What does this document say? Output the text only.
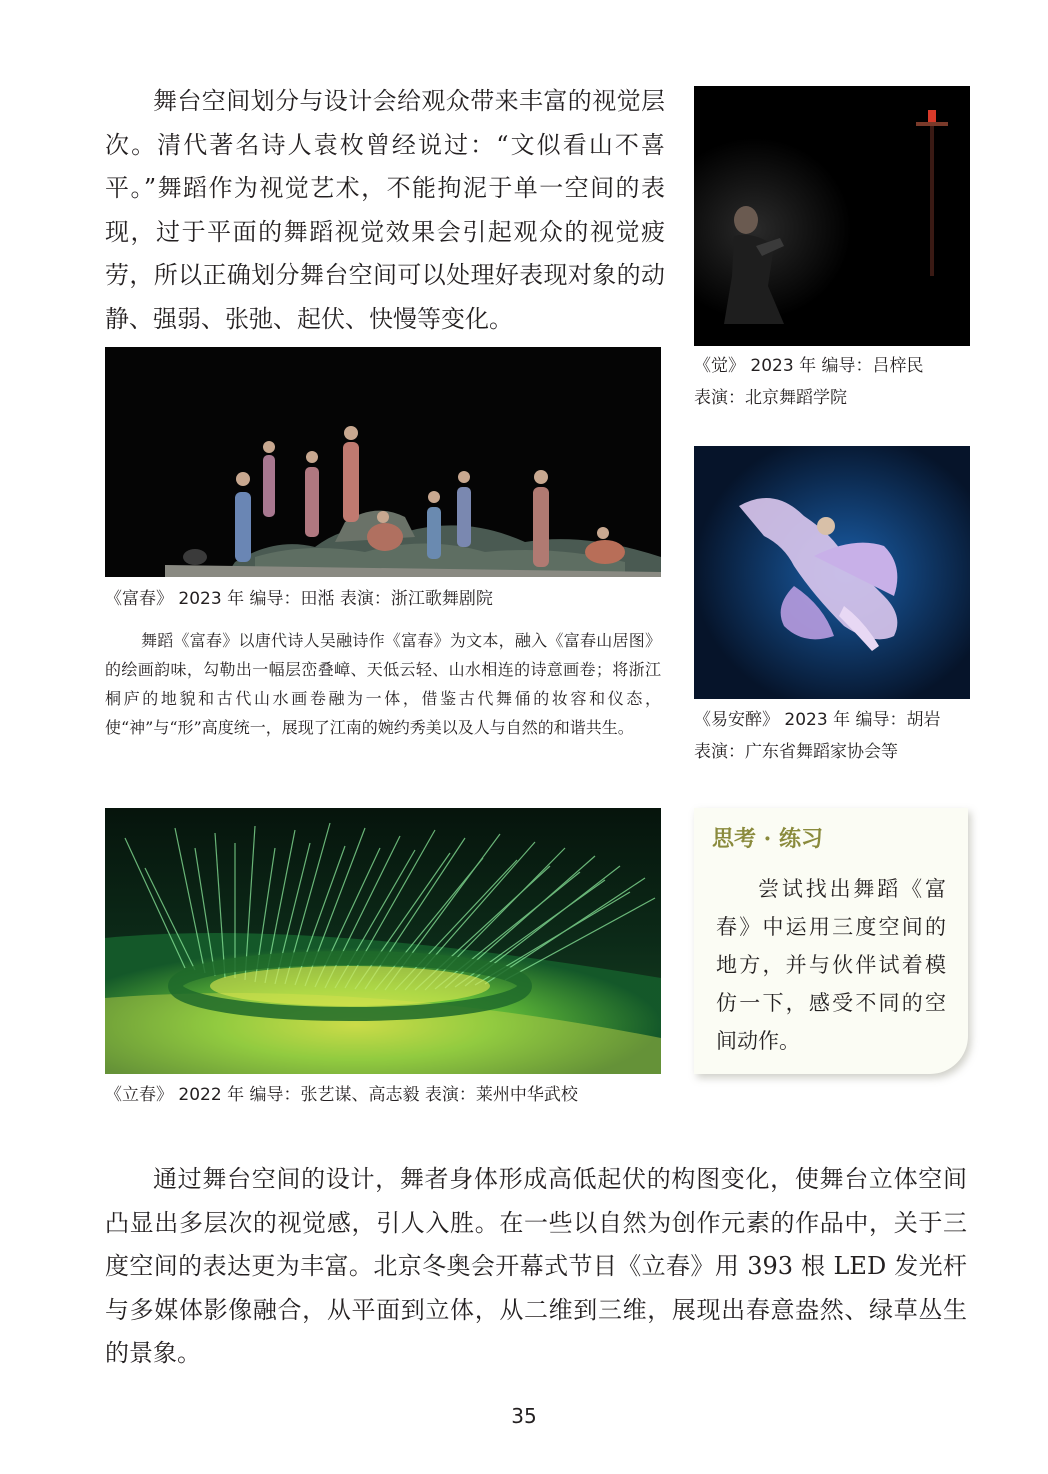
舞台空间划分与设计会给观众带来丰富的视觉层次。清代著名诗人袁枚曾经说过：“文似看山不喜平。”舞蹈作为视觉艺术，不能拘泥于单一空间的表现，过于平面的舞蹈视觉效果会引起观众的视觉疲劳，所以正确划分舞台空间可以处理好表现对象的动静、强弱、张弛、起伏、快慢等变化。
《觉》 2023 年 编导：吕梓民
表演：北京舞蹈学院
《富春》 2023 年 编导：田湉 表演：浙江歌舞剧院
舞蹈《富春》以唐代诗人吴融诗作《富春》为文本，融入《富春山居图》的绘画韵味，勾勒出一幅层峦叠嶂、天低云轻、山水相连的诗意画卷；将浙江桐庐的地貌和古代山水画卷融为一体，借鉴古代舞俑的妆容和仪态，使“神”与“形”高度统一，展现了江南的婉约秀美以及人与自然的和谐共生。	《易安醉》 2023 年 编导：胡岩
表演：广东省舞蹈家协会等
《立春》 2022 年 编导：张艺谋、高志毅 表演：莱州中华武校
思考 · 练习
尝试找出舞蹈《富春》中运用三度空间的地方，并与伙伴试着模仿一下，感受不同的空间动作。
通过舞台空间的设计，舞者身体形成高低起伏的构图变化，使舞台立体空间凸显出多层次的视觉感，引人入胜。在一些以自然为创作元素的作品中，关于三度空间的表达更为丰富。北京冬奥会开幕式节目《立春》用 393 根 LED 发光杆与多媒体影像融合，从平面到立体，从二维到三维，展现出春意盎然、绿草丛生的景象。
35
